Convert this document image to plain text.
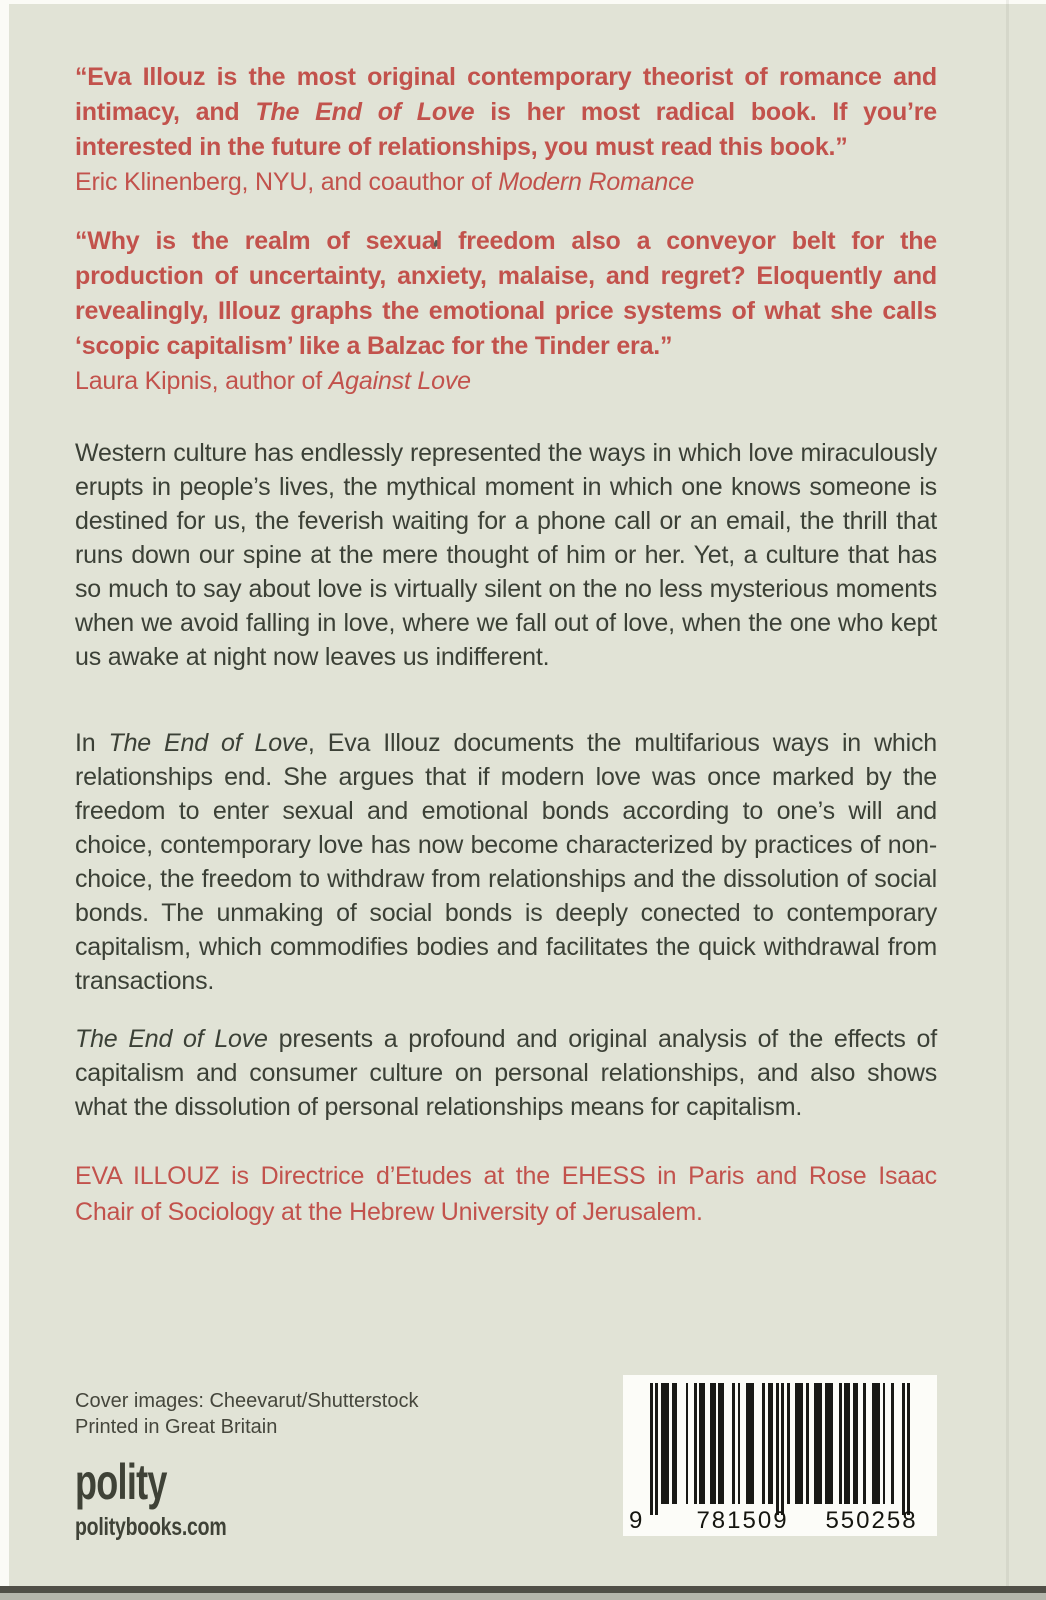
“Eva Illouz is the most original contemporary theorist of romance and intimacy, and The End of Love is her most radical book. If you’re interested in the future of relationships, you must read this book.”

Eric Klinenberg, NYU, and coauthor of Modern Romance

“Why is the realm of sexual freedom also a conveyor belt for the production of uncertainty, anxiety, malaise, and regret? Eloquently and revealingly, Illouz graphs the emotional price systems of what she calls ‘scopic capitalism’ like a Balzac for the Tinder era.”

Laura Kipnis, author of Against Love

Western culture has endlessly represented the ways in which love miraculously erupts in people’s lives, the mythical moment in which one knows someone is destined for us, the feverish waiting for a phone call or an email, the thrill that runs down our spine at the mere thought of him or her. Yet, a culture that has so much to say about love is virtually silent on the no less mysterious moments when we avoid falling in love, where we fall out of love, when the one who kept us awake at night now leaves us indifferent.

In The End of Love, Eva Illouz documents the multifarious ways in which relationships end. She argues that if modern love was once marked by the freedom to enter sexual and emotional bonds according to one’s will and choice, contemporary love has now become characterized by practices of non-choice, the freedom to withdraw from relationships and the dissolution of social bonds. The unmaking of social bonds is deeply conected to contemporary capitalism, which commodifies bodies and facilitates the quick withdrawal from transactions.

The End of Love presents a profound and original analysis of the effects of capitalism and consumer culture on personal relationships, and also shows what the dissolution of personal relationships means for capitalism.

EVA ILLOUZ is Directrice d’Etudes at the EHESS in Paris and Rose Isaac Chair of Sociology at the Hebrew University of Jerusalem.

Cover images: Cheevarut/Shutterstock

Printed in Great Britain

polity
politybooks.com	9	781509	550258
